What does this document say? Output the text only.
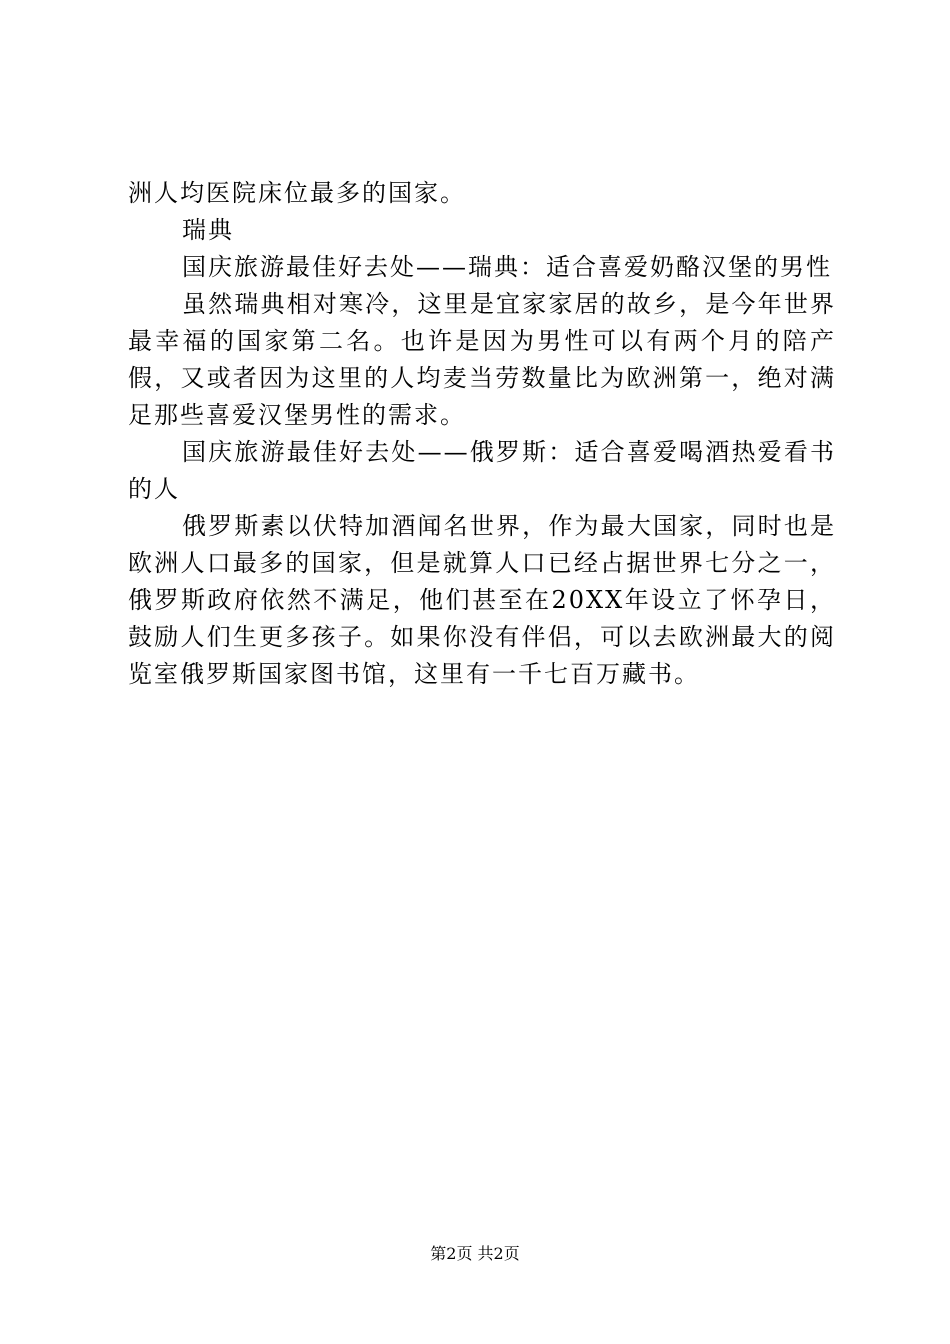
洲人均医院床位最多的国家。

瑞典

国庆旅游最佳好去处——瑞典：适合喜爱奶酪汉堡的男性

虽然瑞典相对寒冷，这里是宜家家居的故乡，是今年世界最幸福的国家第二名。也许是因为男性可以有两个月的陪产假，又或者因为这里的人均麦当劳数量比为欧洲第一，绝对满足那些喜爱汉堡男性的需求。

国庆旅游最佳好去处——俄罗斯：适合喜爱喝酒热爱看书的人

俄罗斯素以伏特加酒闻名世界，作为最大国家，同时也是欧洲人口最多的国家，但是就算人口已经占据世界七分之一，俄罗斯政府依然不满足，他们甚至在20XX年设立了怀孕日，鼓励人们生更多孩子。如果你没有伴侣，可以去欧洲最大的阅览室俄罗斯国家图书馆，这里有一千七百万藏书。

第2页 共2页
